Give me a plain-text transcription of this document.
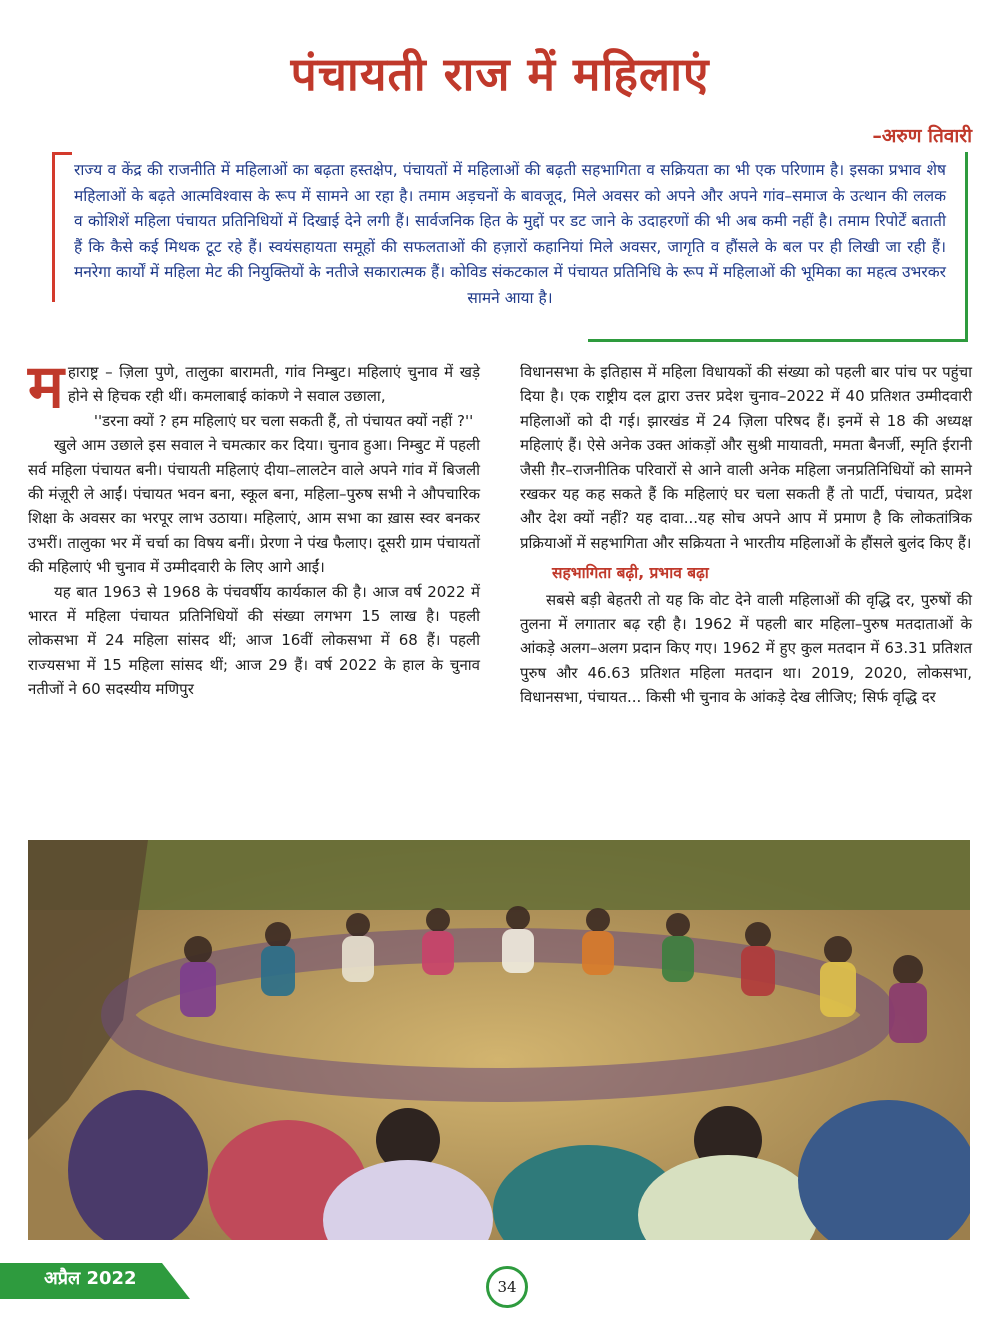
पंचायती राज में महिलाएं
–अरुण तिवारी

राज्य व केंद्र की राजनीति में महिलाओं का बढ़ता हस्तक्षेप, पंचायतों में महिलाओं की बढ़ती सहभागिता व सक्रियता का भी एक परिणाम है। इसका प्रभाव शेष महिलाओं के बढ़ते आत्मविश्वास के रूप में सामने आ रहा है। तमाम अड़चनों के बावजूद, मिले अवसर को अपने और अपने गांव–समाज के उत्थान की ललक व कोशिशें महिला पंचायत प्रतिनिधियों में दिखाई देने लगी हैं। सार्वजनिक हित के मुद्दों पर डट जाने के उदाहरणों की भी अब कमी नहीं है। तमाम रिपोर्टें बताती हैं कि कैसे कई मिथक टूट रहे हैं। स्वयंसहायता समूहों की सफलताओं की हज़ारों कहानियां मिले अवसर, जागृति व हौंसले के बल पर ही लिखी जा रही हैं। मनरेगा कार्यों में महिला मेट की नियुक्तियों के नतीजे सकारात्मक हैं। कोविड संकटकाल में पंचायत प्रतिनिधि के रूप में महिलाओं की भूमिका का महत्व उभरकर सामने आया है।

महाराष्ट्र – ज़िला पुणे, तालुका बारामती, गांव निम्बुट। महिलाएं चुनाव में खड़े होने से हिचक रही थीं। कमलाबाई कांकणे ने सवाल उछाला,

''डरना क्यों ? हम महिलाएं घर चला सकती हैं, तो पंचायत क्यों नहीं ?''

खुले आम उछाले इस सवाल ने चमत्कार कर दिया। चुनाव हुआ। निम्बुट में पहली सर्व महिला पंचायत बनी। पंचायती महिलाएं दीया–लालटेन वाले अपने गांव में बिजली की मंज़ूरी ले आईं। पंचायत भवन बना, स्कूल बना, महिला–पुरुष सभी ने औपचारिक शिक्षा के अवसर का भरपूर लाभ उठाया। महिलाएं, आम सभा का ख़ास स्वर बनकर उभरीं। तालुका भर में चर्चा का विषय बनीं। प्रेरणा ने पंख फैलाए। दूसरी ग्राम पंचायतों की महिलाएं भी चुनाव में उम्मीदवारी के लिए आगे आईं।

यह बात 1963 से 1968 के पंचवर्षीय कार्यकाल की है। आज वर्ष 2022 में भारत में महिला पंचायत प्रतिनिधियों की संख्या लगभग 15 लाख है। पहली लोकसभा में 24 महिला सांसद थीं; आज 16वीं लोकसभा में 68 हैं। पहली राज्यसभा में 15 महिला सांसद थीं; आज 29 हैं। वर्ष 2022 के हाल के चुनाव नतीजों ने 60 सदस्यीय मणिपुर

विधानसभा के इतिहास में महिला विधायकों की संख्या को पहली बार पांच पर पहुंचा दिया है। एक राष्ट्रीय दल द्वारा उत्तर प्रदेश चुनाव–2022 में 40 प्रतिशत उम्मीदवारी महिलाओं को दी गई। झारखंड में 24 ज़िला परिषद हैं। इनमें से 18 की अध्यक्ष महिलाएं हैं। ऐसे अनेक उक्त आंकड़ों और सुश्री मायावती, ममता बैनर्जी, स्मृति ईरानी जैसी ग़ैर–राजनीतिक परिवारों से आने वाली अनेक महिला जनप्रतिनिधियों को सामने रखकर यह कह सकते हैं कि महिलाएं घर चला सकती हैं तो पार्टी, पंचायत, प्रदेश और देश क्यों नहीं? यह दावा...यह सोच अपने आप में प्रमाण है कि लोकतांत्रिक प्रक्रियाओं में सहभागिता और सक्रियता ने भारतीय महिलाओं के हौंसले बुलंद किए हैं।

सहभागिता बढ़ी, प्रभाव बढ़ा

सबसे बड़ी बेहतरी तो यह कि वोट देने वाली महिलाओं की वृद्धि दर, पुरुषों की तुलना में लगातार बढ़ रही है। 1962 में पहली बार महिला–पुरुष मतदाताओं के आंकड़े अलग–अलग प्रदान किए गए। 1962 में हुए कुल मतदान में 63.31 प्रतिशत पुरुष और 46.63 प्रतिशत महिला मतदान था। 2019, 2020, लोकसभा, विधानसभा, पंचायत... किसी भी चुनाव के आंकड़े देख लीजिए; सिर्फ वृद्धि दर

अप्रैल 2022	34
